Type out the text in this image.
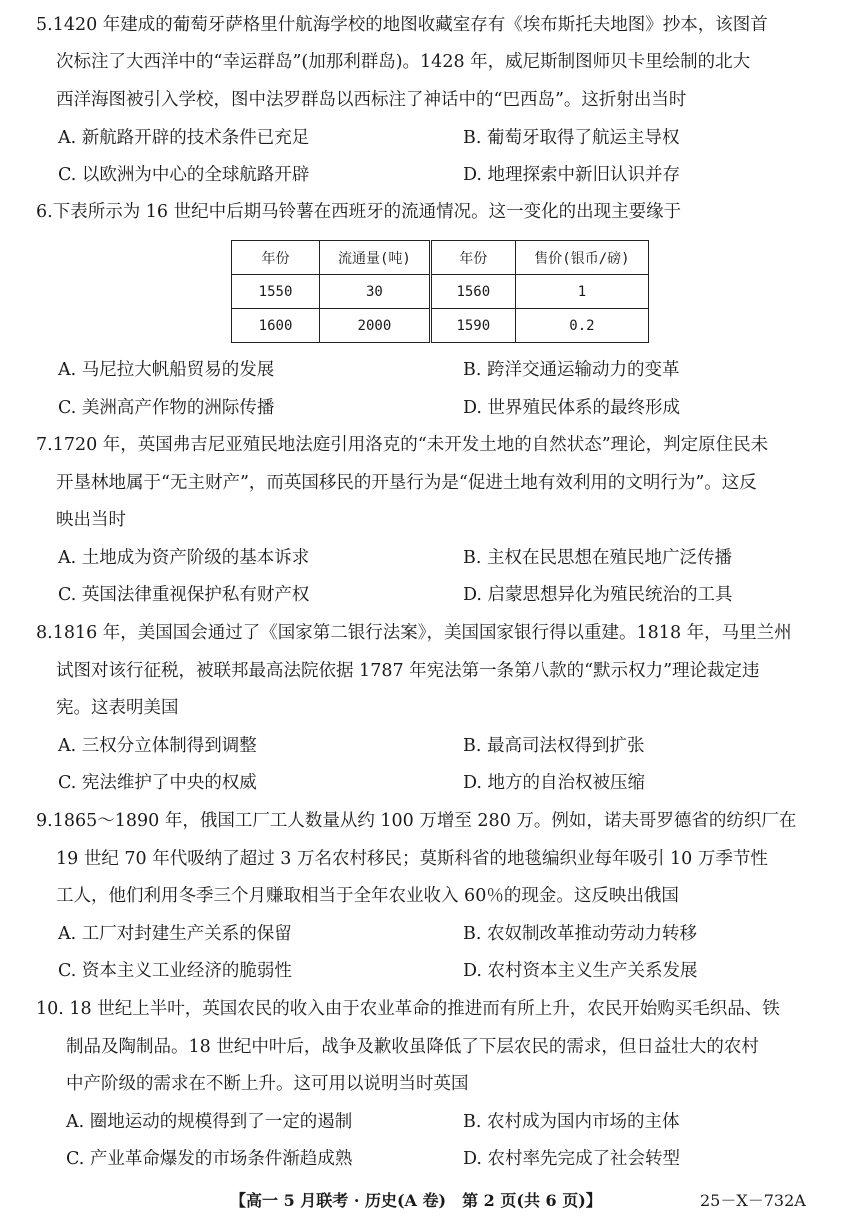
5.1420 年建成的葡萄牙萨格里什航海学校的地图收藏室存有《埃布斯托夫地图》抄本，该图首
次标注了大西洋中的“幸运群岛”(加那利群岛)。1428 年，威尼斯制图师贝卡里绘制的北大
西洋海图被引入学校，图中法罗群岛以西标注了神话中的“巴西岛”。这折射出当时
A. 新航路开辟的技术条件已充足	B. 葡萄牙取得了航运主导权
C. 以欧洲为中心的全球航路开辟	D. 地理探索中新旧认识并存
6.下表所示为 16 世纪中后期马铃薯在西班牙的流通情况。这一变化的出现主要缘于
年份	流通量(吨)	年份	售价(银币/磅)
1550	30	1560	1
1600	2000	1590	0.2
A. 马尼拉大帆船贸易的发展	B. 跨洋交通运输动力的变革
C. 美洲高产作物的洲际传播	D. 世界殖民体系的最终形成
7.1720 年，英国弗吉尼亚殖民地法庭引用洛克的“未开发土地的自然状态”理论，判定原住民未
开垦林地属于“无主财产”，而英国移民的开垦行为是“促进土地有效利用的文明行为”。这反
映出当时
A. 土地成为资产阶级的基本诉求	B. 主权在民思想在殖民地广泛传播
C. 英国法律重视保护私有财产权	D. 启蒙思想异化为殖民统治的工具
8.1816 年，美国国会通过了《国家第二银行法案》，美国国家银行得以重建。1818 年，马里兰州
试图对该行征税，被联邦最高法院依据 1787 年宪法第一条第八款的“默示权力”理论裁定违
宪。这表明美国
A. 三权分立体制得到调整	B. 最高司法权得到扩张
C. 宪法维护了中央的权威	D. 地方的自治权被压缩
9.1865～1890 年，俄国工厂工人数量从约 100 万增至 280 万。例如，诺夫哥罗德省的纺织厂在
19 世纪 70 年代吸纳了超过 3 万名农村移民；莫斯科省的地毯编织业每年吸引 10 万季节性
工人，他们利用冬季三个月赚取相当于全年农业收入 60％的现金。这反映出俄国
A. 工厂对封建生产关系的保留	B. 农奴制改革推动劳动力转移
C. 资本主义工业经济的脆弱性	D. 农村资本主义生产关系发展
10. 18 世纪上半叶，英国农民的收入由于农业革命的推进而有所上升，农民开始购买毛织品、铁
制品及陶制品。18 世纪中叶后，战争及歉收虽降低了下层农民的需求，但日益壮大的农村
中产阶级的需求在不断上升。这可用以说明当时英国
A. 圈地运动的规模得到了一定的遏制	B. 农村成为国内市场的主体
C. 产业革命爆发的市场条件渐趋成熟	D. 农村率先完成了社会转型
【高一 5 月联考 · 历史(A 卷)　第 2 页(共 6 页)】	25－X－732A
